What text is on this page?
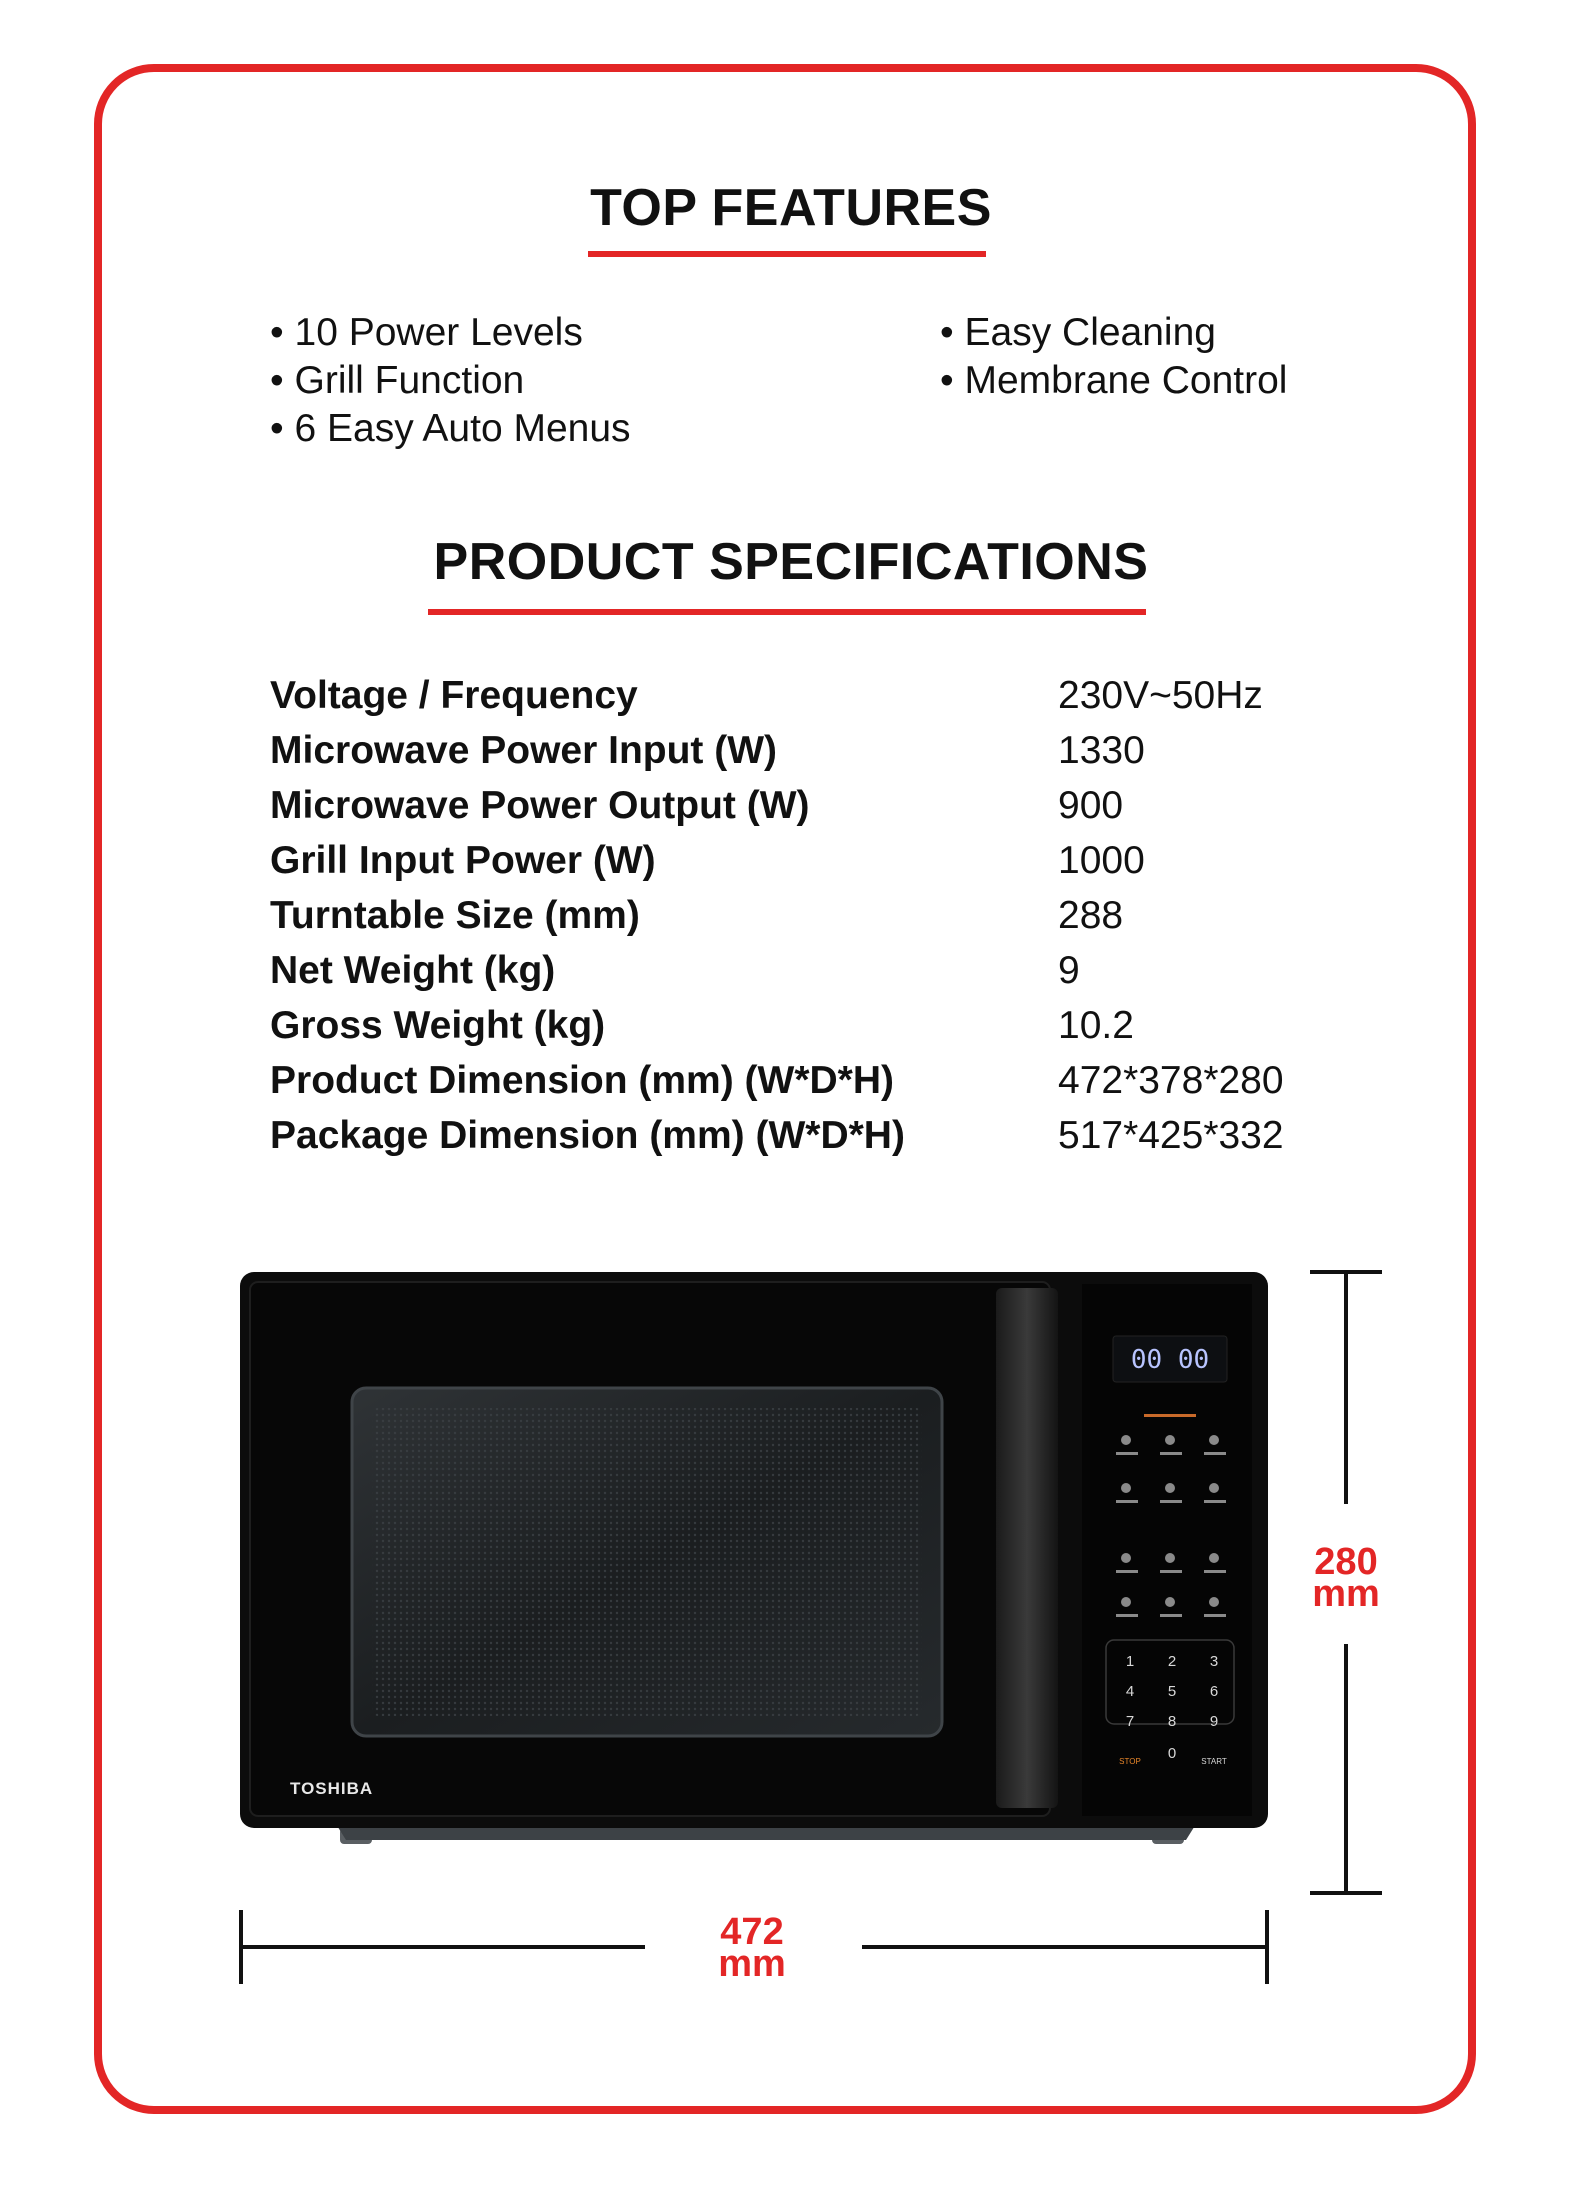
TOP FEATURES
• 10 Power Levels
• Grill Function
• 6 Easy Auto Menus
• Easy Cleaning
• Membrane Control
PRODUCT SPECIFICATIONS
Voltage / Frequency	230V~50Hz
Microwave Power Input (W)	1330
Microwave Power Output (W)	900
Grill Input Power (W)	1000
Turntable Size (mm)	288
Net Weight (kg)	9
Gross Weight (kg)	10.2
Product Dimension (mm) (W*D*H)	472*378*280
Package Dimension (mm) (W*D*H)	517*425*332
TOSHIBA
00 00
1 2 3
4 5 6
7 8 9
0
STOP	START
280
mm
472
mm
